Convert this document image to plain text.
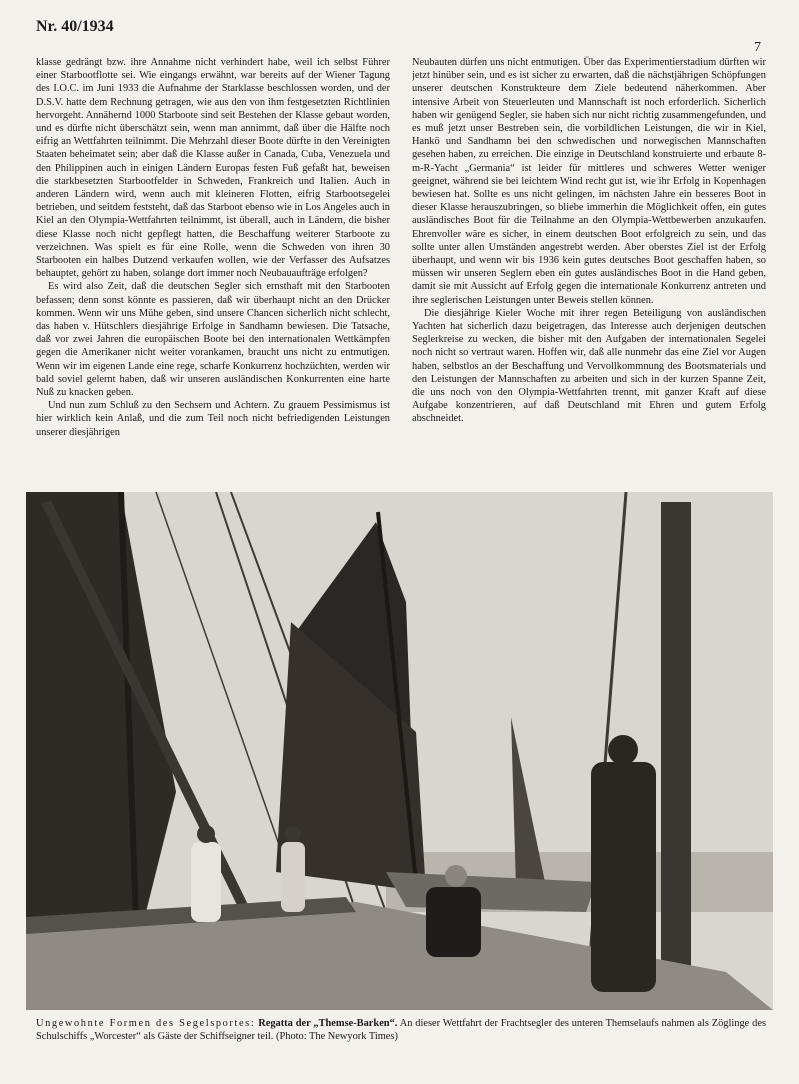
Nr. 40/1934
7

klasse gedrängt bzw. ihre Annahme nicht verhindert habe, weil ich selbst Führer einer Starbootflotte sei. Wie eingangs erwähnt, war bereits auf der Wiener Tagung des I.O.C. im Juni 1933 die Aufnahme der Starklasse beschlossen worden, und der D.S.V. hatte dem Rechnung getragen, wie aus den von ihm festgesetzten Richtlinien hervorgeht. Annähernd 1000 Starboote sind seit Bestehen der Klasse gebaut worden, und es dürfte nicht überschätzt sein, wenn man annimmt, daß über die Hälfte noch eifrig an Wettfahrten teilnimmt. Die Mehrzahl dieser Boote dürfte in den Vereinigten Staaten beheimatet sein; aber daß die Klasse außer in Canada, Cuba, Venezuela und den Philippinen auch in einigen Ländern Europas festen Fuß gefaßt hat, beweisen die starkbesetzten Starbootfelder in Schweden, Frankreich und Italien. Auch in anderen Ländern wird, wenn auch mit kleineren Flotten, eifrig Starbootsegelei betrieben, und seitdem feststeht, daß das Starboot ebenso wie in Los Angeles auch in Kiel an den Olympia-Wettfahrten teilnimmt, ist überall, auch in Ländern, die bisher diese Klasse noch nicht gepflegt hatten, die Beschaffung weiterer Starboote zu verzeichnen. Was spielt es für eine Rolle, wenn die Schweden von ihren 30 Starbooten ein halbes Dutzend verkaufen wollen, wie der Verfasser des Aufsatzes behauptet, gehört zu haben, solange dort immer noch Neubauaufträge erfolgen?

Es wird also Zeit, daß die deutschen Segler sich ernsthaft mit den Starbooten befassen; denn sonst könnte es passieren, daß wir überhaupt nicht an den Drücker kommen. Wenn wir uns Mühe geben, sind unsere Chancen sicherlich nicht schlecht, das haben v. Hütschlers diesjährige Erfolge in Sandhamn bewiesen. Die Tatsache, daß vor zwei Jahren die europäischen Boote bei den internationalen Wettkämpfen gegen die Amerikaner nicht weiter vorankamen, braucht uns nicht zu entmutigen. Wenn wir im eigenen Lande eine rege, scharfe Konkurrenz hochzüchten, werden wir bald soviel gelernt haben, daß wir unseren ausländischen Konkurrenten eine harte Nuß zu knacken geben.

Und nun zum Schluß zu den Sechsern und Achtern. Zu grauem Pessimismus ist hier wirklich kein Anlaß, und die zum Teil noch nicht befriedigenden Leistungen unserer diesjährigen

Neubauten dürfen uns nicht entmutigen. Über das Experimentierstadium dürften wir jetzt hinüber sein, und es ist sicher zu erwarten, daß die nächstjährigen Schöpfungen unserer deutschen Konstrukteure dem Ziele bedeutend näherkommen. Aber intensive Arbeit von Steuerleuten und Mannschaft ist noch erforderlich. Sicherlich haben wir genügend Segler, sie haben sich nur nicht richtig zusammengefunden, und es muß jetzt unser Bestreben sein, die vorbildlichen Leistungen, die wir in Kiel, Hankö und Sandhamn bei den schwedischen und norwegischen Mannschaften gesehen haben, zu erreichen. Die einzige in Deutschland konstruierte und erbaute 8-m-R-Yacht „Germania“ ist leider für mittleres und schweres Wetter weniger geeignet, während sie bei leichtem Wind recht gut ist, wie ihr Erfolg in Kopenhagen bewiesen hat. Sollte es uns nicht gelingen, im nächsten Jahre ein besseres Boot in dieser Klasse herauszubringen, so bliebe immerhin die Möglichkeit offen, ein gutes ausländisches Boot für die Teilnahme an den Olympia-Wettbewerben anzukaufen. Ehrenvoller wäre es sicher, in einem deutschen Boot erfolgreich zu sein, und das sollte unter allen Umständen angestrebt werden. Aber oberstes Ziel ist der Erfolg überhaupt, und wenn wir bis 1936 kein gutes deutsches Boot geschaffen haben, so müssen wir unseren Seglern eben ein gutes ausländisches Boot in die Hand geben, damit sie mit Aussicht auf Erfolg gegen die internationale Konkurrenz antreten und ihre seglerischen Leistungen unter Beweis stellen können.

Die diesjährige Kieler Woche mit ihrer regen Beteiligung von ausländischen Yachten hat sicherlich dazu beigetragen, das Interesse auch derjenigen deutschen Seglerkreise zu wecken, die bisher mit den Aufgaben der internationalen Segelei noch nicht so vertraut waren. Hoffen wir, daß alle nunmehr das eine Ziel vor Augen haben, selbstlos an der Beschaffung und Vervollkommnung des Bootsmaterials und den Leistungen der Mannschaften zu arbeiten und sich in der kurzen Spanne Zeit, die uns noch von den Olympia-Wettfahrten trennt, mit ganzer Kraft auf diese Aufgabe konzentrieren, auf daß Deutschland mit Ehren und gutem Erfolg abschneidet.

Ungewohnte Formen des Segelsportes: Regatta der „Themse-Barken“. An dieser Wettfahrt der Frachtsegler des unteren Themselaufs nahmen als Zöglinge des Schulschiffs „Worcester“ als Gäste der Schiffseigner teil. (Photo: The Newyork Times)
